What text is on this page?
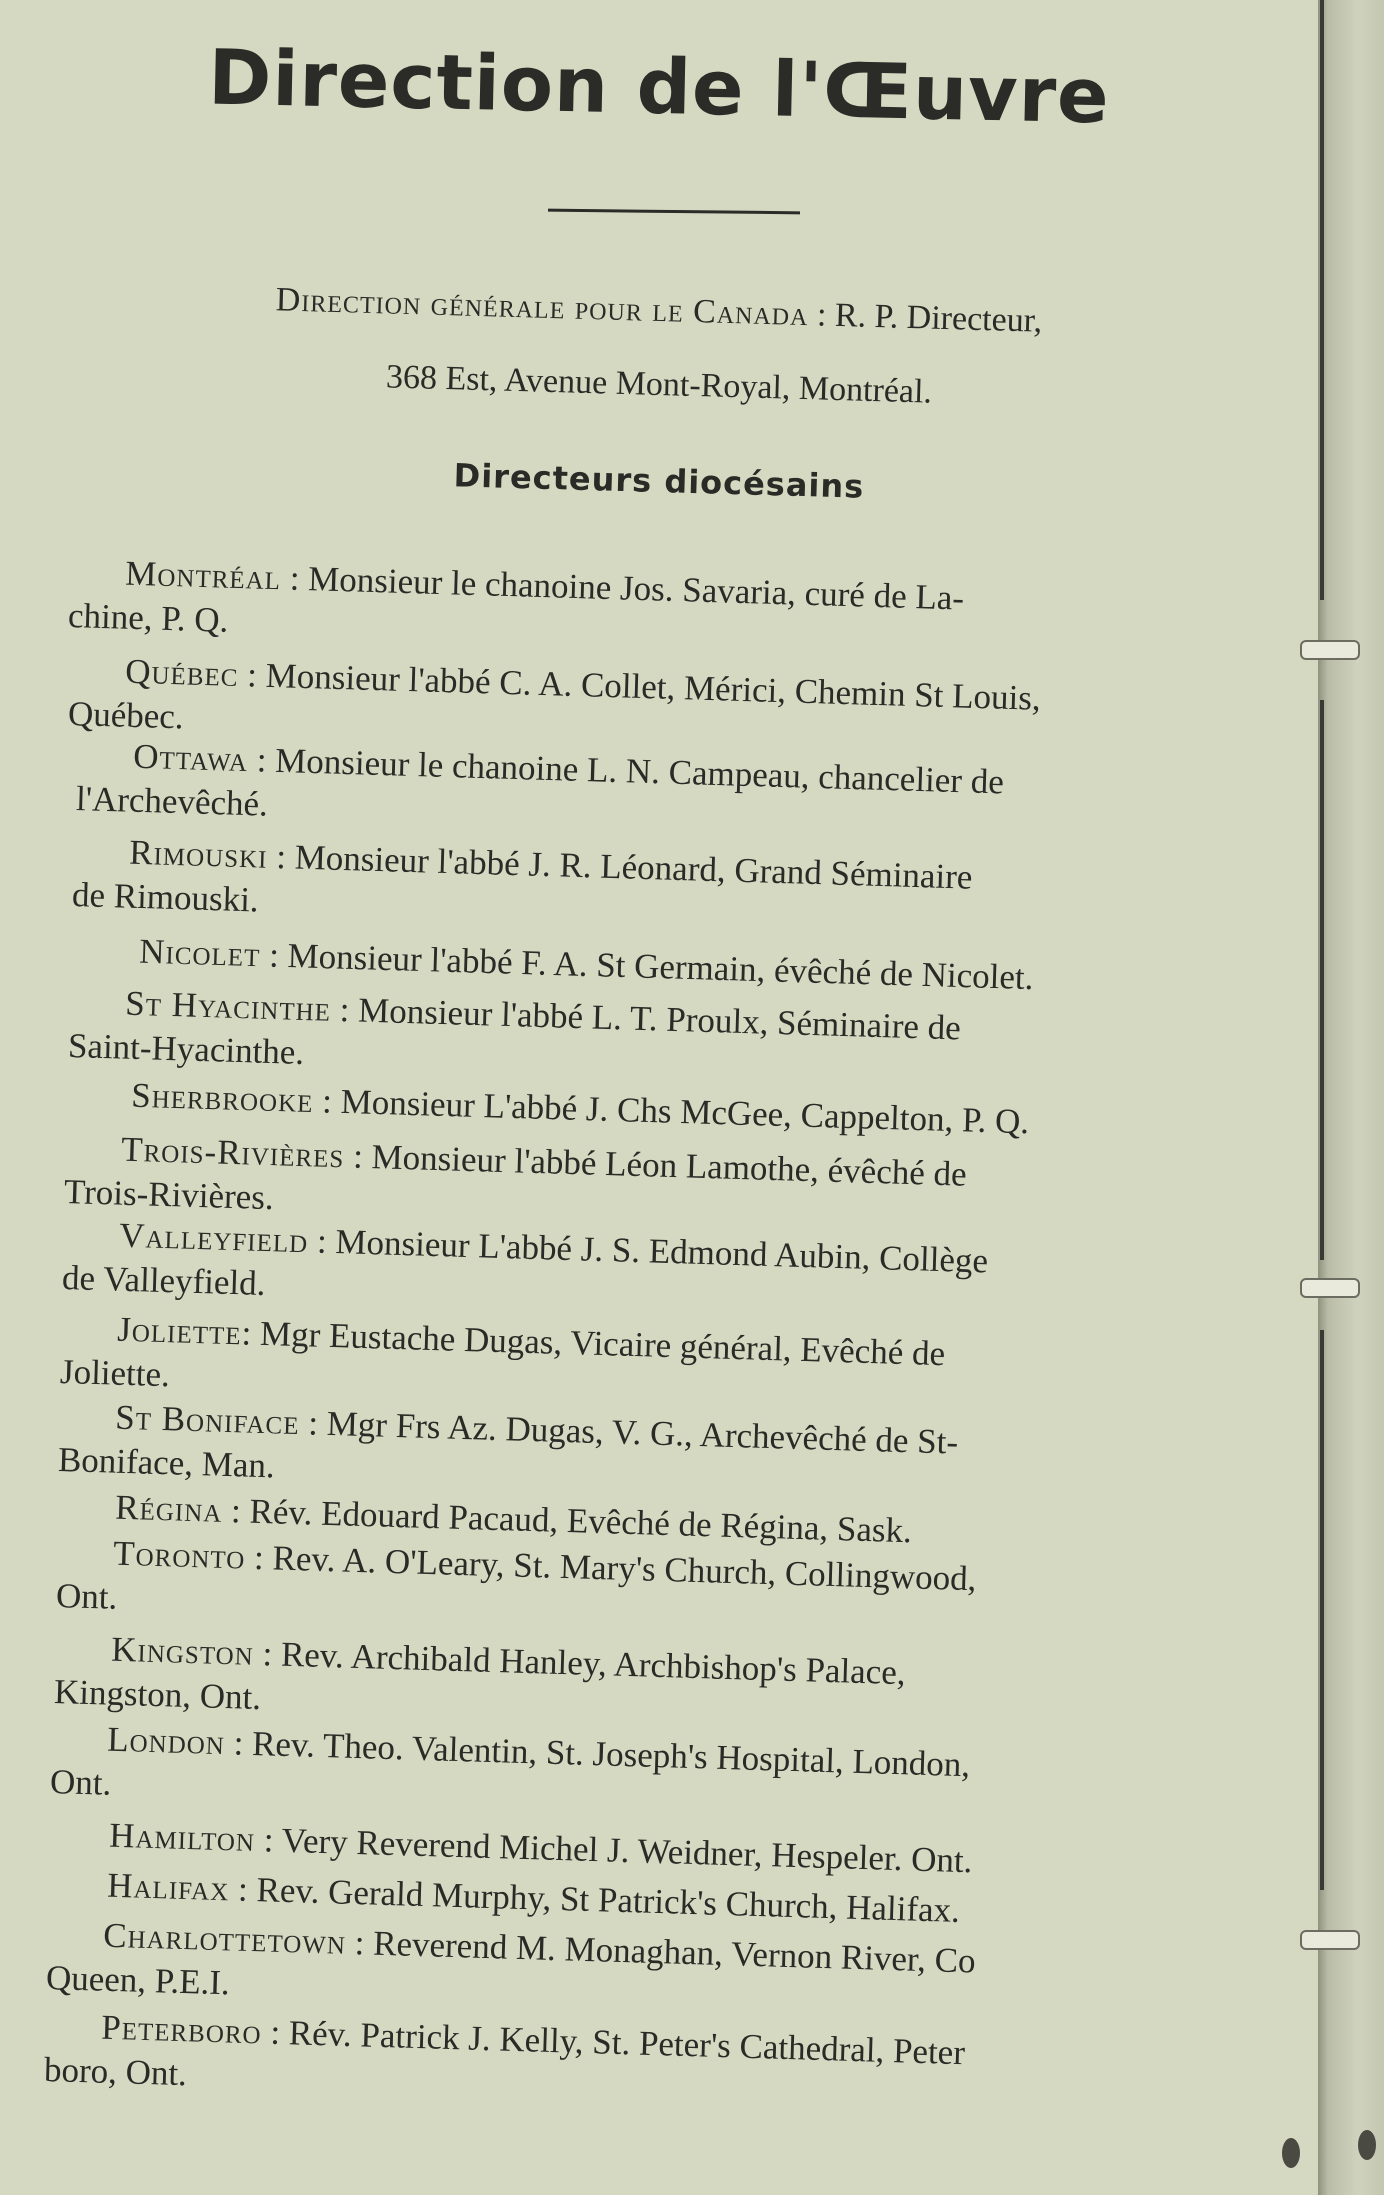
Direction de l'Œuvre
Direction générale pour le Canada : R. P. Directeur,
368 Est, Avenue Mont-Royal, Montréal.
Directeurs diocésains

Montréal : Monsieur le chanoine Jos. Savaria, curé de La-

chine, P. Q.

Québec : Monsieur l'abbé C. A. Collet, Mérici, Chemin St Louis,

Québec.

Ottawa : Monsieur le chanoine L. N. Campeau, chancelier de

l'Archevêché.

Rimouski : Monsieur l'abbé J. R. Léonard, Grand Séminaire

de Rimouski.

Nicolet : Monsieur l'abbé F. A. St Germain, évêché de Nicolet.

St Hyacinthe : Monsieur l'abbé L. T. Proulx, Séminaire de

Saint-Hyacinthe.

Sherbrooke : Monsieur L'abbé J. Chs McGee, Cappelton, P. Q.

Trois-Rivières : Monsieur l'abbé Léon Lamothe, évêché de

Trois-Rivières.

Valleyfield : Monsieur L'abbé J. S. Edmond Aubin, Collège

de Valleyfield.

Joliette: Mgr Eustache Dugas, Vicaire général, Evêché de

Joliette.

St Boniface : Mgr Frs Az. Dugas, V. G., Archevêché de St-

Boniface, Man.

Régina : Rév. Edouard Pacaud, Evêché de Régina, Sask.

Toronto : Rev. A. O'Leary, St. Mary's Church, Collingwood,

Ont.

Kingston : Rev. Archibald Hanley, Archbishop's Palace,

Kingston, Ont.

London : Rev. Theo. Valentin, St. Joseph's Hospital, London,

Ont.

Hamilton : Very Reverend Michel J. Weidner, Hespeler. Ont.

Halifax : Rev. Gerald Murphy, St Patrick's Church, Halifax.

Charlottetown : Reverend M. Monaghan, Vernon River, Co

Queen, P.E.I.

Peterboro : Rév. Patrick J. Kelly, St. Peter's Cathedral, Peter

boro, Ont.
